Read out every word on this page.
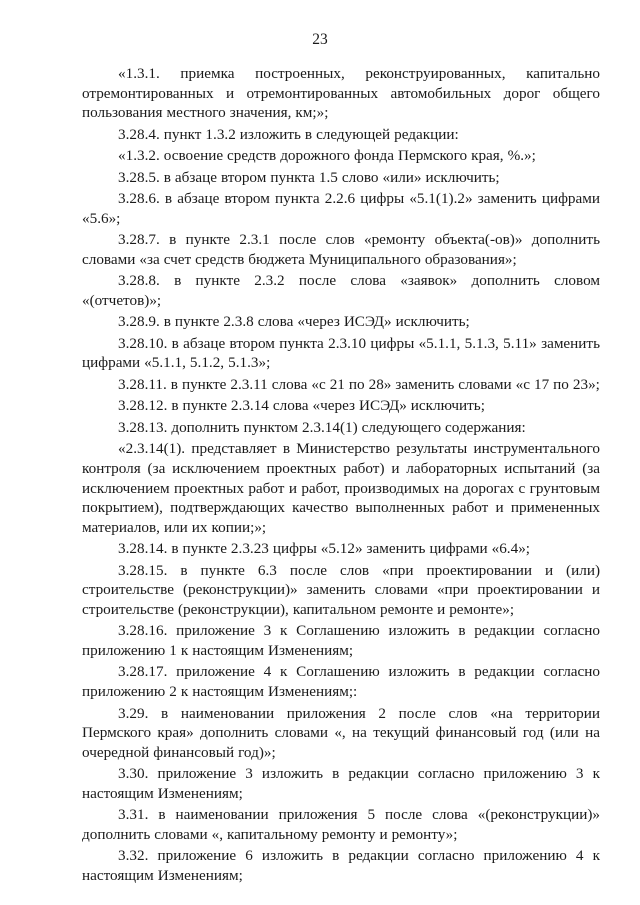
23

«1.3.1. приемка построенных, реконструированных, капитально отремонтированных и отремонтированных автомобильных дорог общего пользования местного значения, км;»;

3.28.4. пункт 1.3.2 изложить в следующей редакции:

«1.3.2. освоение средств дорожного фонда Пермского края, %.»;

3.28.5. в абзаце втором пункта 1.5 слово «или» исключить;

3.28.6. в абзаце втором пункта 2.2.6 цифры «5.1(1).2» заменить цифрами «5.6»;

3.28.7. в пункте 2.3.1 после слов «ремонту объекта(-ов)» дополнить словами «за счет средств бюджета Муниципального образования»;

3.28.8. в пункте 2.3.2 после слова «заявок» дополнить словом «(отчетов)»;

3.28.9. в пункте 2.3.8 слова «через ИСЭД» исключить;

3.28.10. в абзаце втором пункта 2.3.10 цифры «5.1.1, 5.1.3, 5.11» заменить цифрами «5.1.1, 5.1.2, 5.1.3»;

3.28.11. в пункте 2.3.11 слова «с 21 по 28» заменить словами «с 17 по 23»;

3.28.12. в пункте 2.3.14 слова «через ИСЭД» исключить;

3.28.13. дополнить пунктом 2.3.14(1) следующего содержания:

«2.3.14(1). представляет в Министерство результаты инструментального контроля (за исключением проектных работ) и лабораторных испытаний (за исключением проектных работ и работ, производимых на дорогах с грунтовым покрытием), подтверждающих качество выполненных работ и примененных материалов, или их копии;»;

3.28.14. в пункте 2.3.23 цифры «5.12» заменить цифрами «6.4»;

3.28.15. в пункте 6.3 после слов «при проектировании и (или) строительстве (реконструкции)» заменить словами «при проектировании и строительстве (реконструкции), капитальном ремонте и ремонте»;

3.28.16. приложение 3 к Соглашению изложить в редакции согласно приложению 1 к настоящим Изменениям;

3.28.17. приложение 4 к Соглашению изложить в редакции согласно приложению 2 к настоящим Изменениям;:

3.29. в наименовании приложения 2 после слов «на территории Пермского края» дополнить словами «, на текущий финансовый год (или на очередной финансовый год)»;

3.30. приложение 3 изложить в редакции согласно приложению 3 к настоящим Изменениям;

3.31. в наименовании приложения 5 после слова «(реконструкции)» дополнить словами «, капитальному ремонту и ремонту»;

3.32. приложение 6 изложить в редакции согласно приложению 4 к настоящим Изменениям;
